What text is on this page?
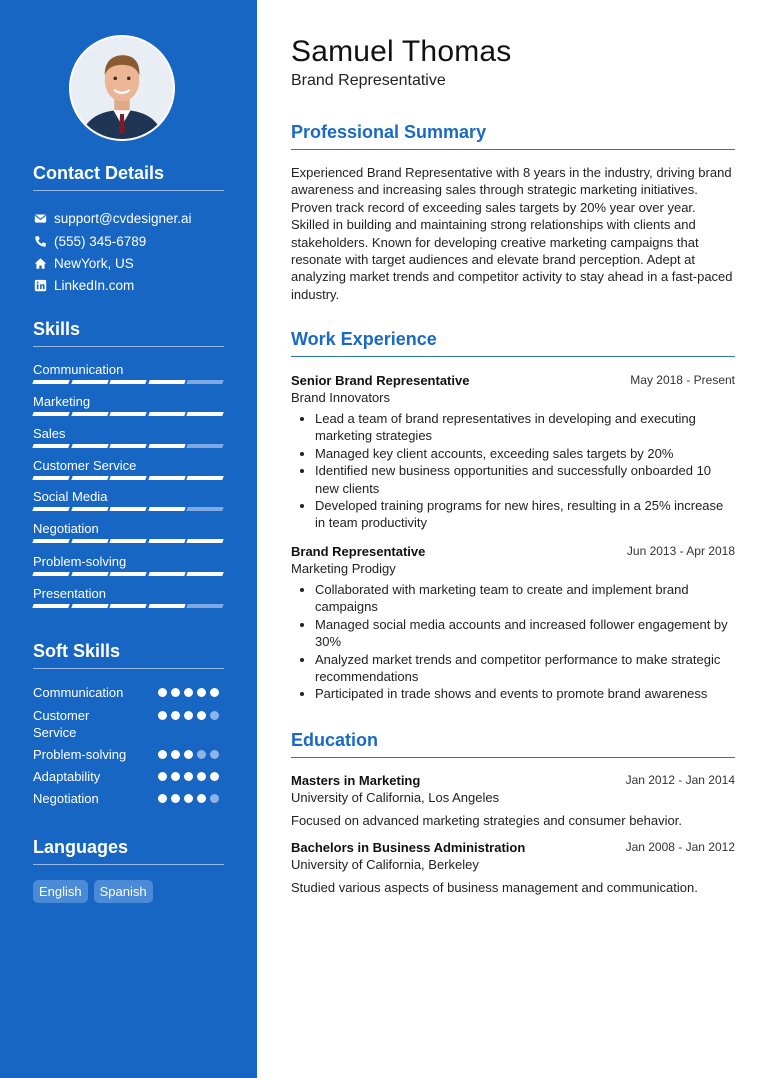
Contact Details
support@cvdesigner.ai
(555) 345-6789
NewYork, US
LinkedIn.com
Skills
Communication
Marketing
Sales
Customer Service
Social Media
Negotiation
Problem-solving
Presentation
Soft Skills
Communication
Customer Service
Problem-solving
Adaptability
Negotiation
Languages
English	Spanish
Samuel Thomas
Brand Representative
Professional Summary
Experienced Brand Representative with 8 years in the industry, driving brand awareness and increasing sales through strategic marketing initiatives. Proven track record of exceeding sales targets by 20% year over year. Skilled in building and maintaining strong relationships with clients and stakeholders. Known for developing creative marketing campaigns that resonate with target audiences and elevate brand perception. Adept at analyzing market trends and competitor activity to stay ahead in a fast-paced industry.
Work Experience
Senior Brand Representative	May 2018 - Present
Brand Innovators
• Lead a team of brand representatives in developing and executing marketing strategies
• Managed key client accounts, exceeding sales targets by 20%
• Identified new business opportunities and successfully onboarded 10 new clients
• Developed training programs for new hires, resulting in a 25% increase in team productivity
Brand Representative	Jun 2013 - Apr 2018
Marketing Prodigy
• Collaborated with marketing team to create and implement brand campaigns
• Managed social media accounts and increased follower engagement by 30%
• Analyzed market trends and competitor performance to make strategic recommendations
• Participated in trade shows and events to promote brand awareness
Education
Masters in Marketing	Jan 2012 - Jan 2014
University of California, Los Angeles
Focused on advanced marketing strategies and consumer behavior.
Bachelors in Business Administration	Jan 2008 - Jan 2012
University of California, Berkeley
Studied various aspects of business management and communication.
